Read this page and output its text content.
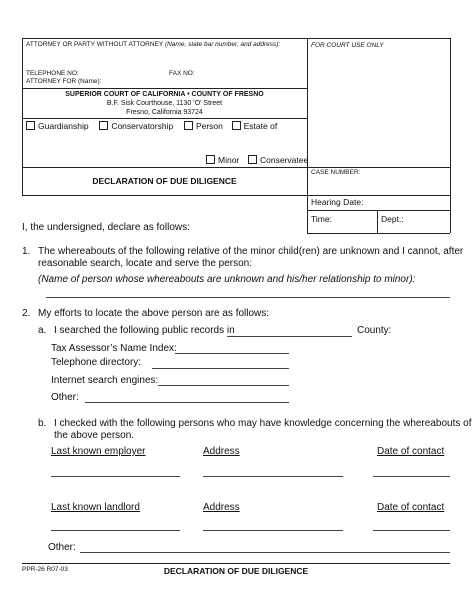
ATTORNEY OR PARTY WITHOUT ATTORNEY (Name, state bar number, and address):	FOR COURT USE ONLY
TELEPHONE NO:	FAX NO:
ATTORNEY FOR (Name):
SUPERIOR COURT OF CALIFORNIA • COUNTY OF FRESNO
B.F. Sisk Courthouse, 1130 ‘O’ Street
Fresno, California 93724
Guardianship	Conservatorship	Person Estate of
Minor Conservatee
DECLARATION OF DUE DILIGENCE
CASE NUMBER:
Hearing Date:
Time:	Dept.:
I, the undersigned, declare as follows:
1. The whereabouts of the following relative of the minor child(ren) are unknown and I cannot, after
reasonable search, locate and serve the person:
(Name of person whose whereabouts are unknown and his/her relationship to minor):
2. My efforts to locate the above person are as follows:
a. I searched the following public records in	County:
Tax Assessor’s Name Index:
Telephone directory:
Internet search engines:
Other:
b. I checked with the following persons who may have knowledge concerning the whereabouts of
the above person.
Last known employer	Address	Date of contact
Last known landlord	Address	Date of contact
Other:
PPR-26 R07-03	DECLARATION OF DUE DILIGENCE
